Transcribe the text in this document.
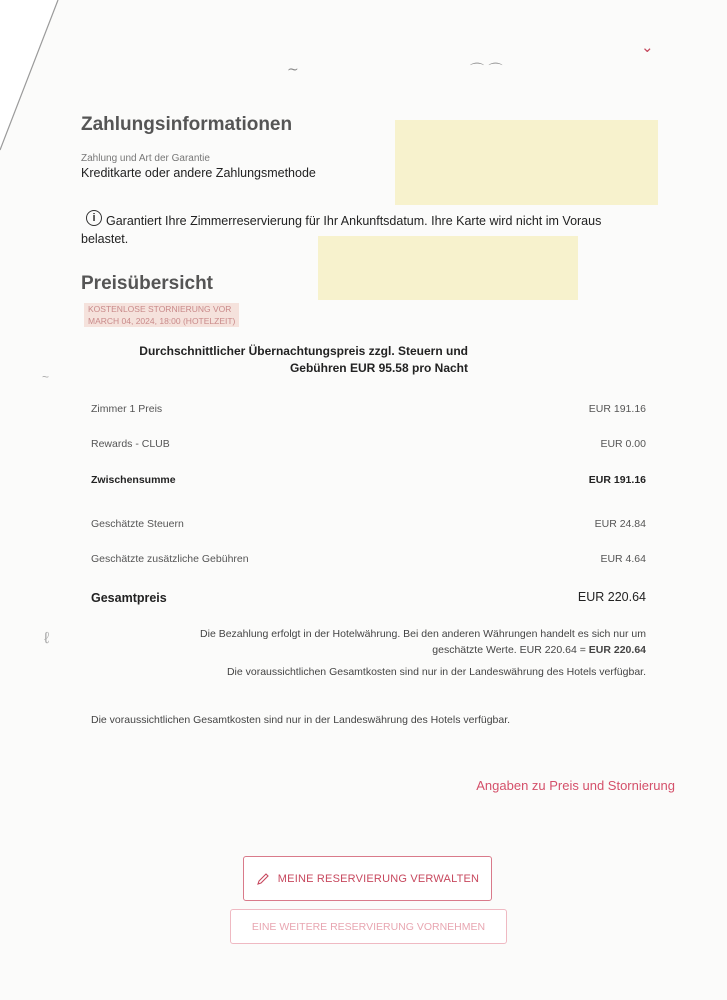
⌄
~	⌒ ⌒
Zahlungsinformationen
Zahlung und Art der Garantie
Kreditkarte oder andere Zahlungsmethode
i Garantiert Ihre Zimmerreservierung für Ihr Ankunftsdatum. Ihre Karte wird nicht im Voraus belastet.
Preisübersicht
KOSTENLOSE STORNIERUNG VOR
MARCH 04, 2024, 18:00 (HOTELZEIT)
Durchschnittlicher Übernachtungspreis zzgl. Steuern und
Gebühren EUR 95.58 pro Nacht
Zimmer 1 Preis	EUR 191.16
Rewards - CLUB	EUR 0.00
Zwischensumme	EUR 191.16
Geschätzte Steuern	EUR 24.84
Geschätzte zusätzliche Gebühren	EUR 4.64
Gesamtpreis	EUR 220.64
Die Bezahlung erfolgt in der Hotelwährung. Bei den anderen Währungen handelt es sich nur um
geschätzte Werte. EUR 220.64 = EUR 220.64
Die voraussichtlichen Gesamtkosten sind nur in der Landeswährung des Hotels verfügbar.
Die voraussichtlichen Gesamtkosten sind nur in der Landeswährung des Hotels verfügbar.
Angaben zu Preis und Stornierung
MEINE RESERVIERUNG VERWALTEN
EINE WEITERE RESERVIERUNG VORNEHMEN
~
ℓ
